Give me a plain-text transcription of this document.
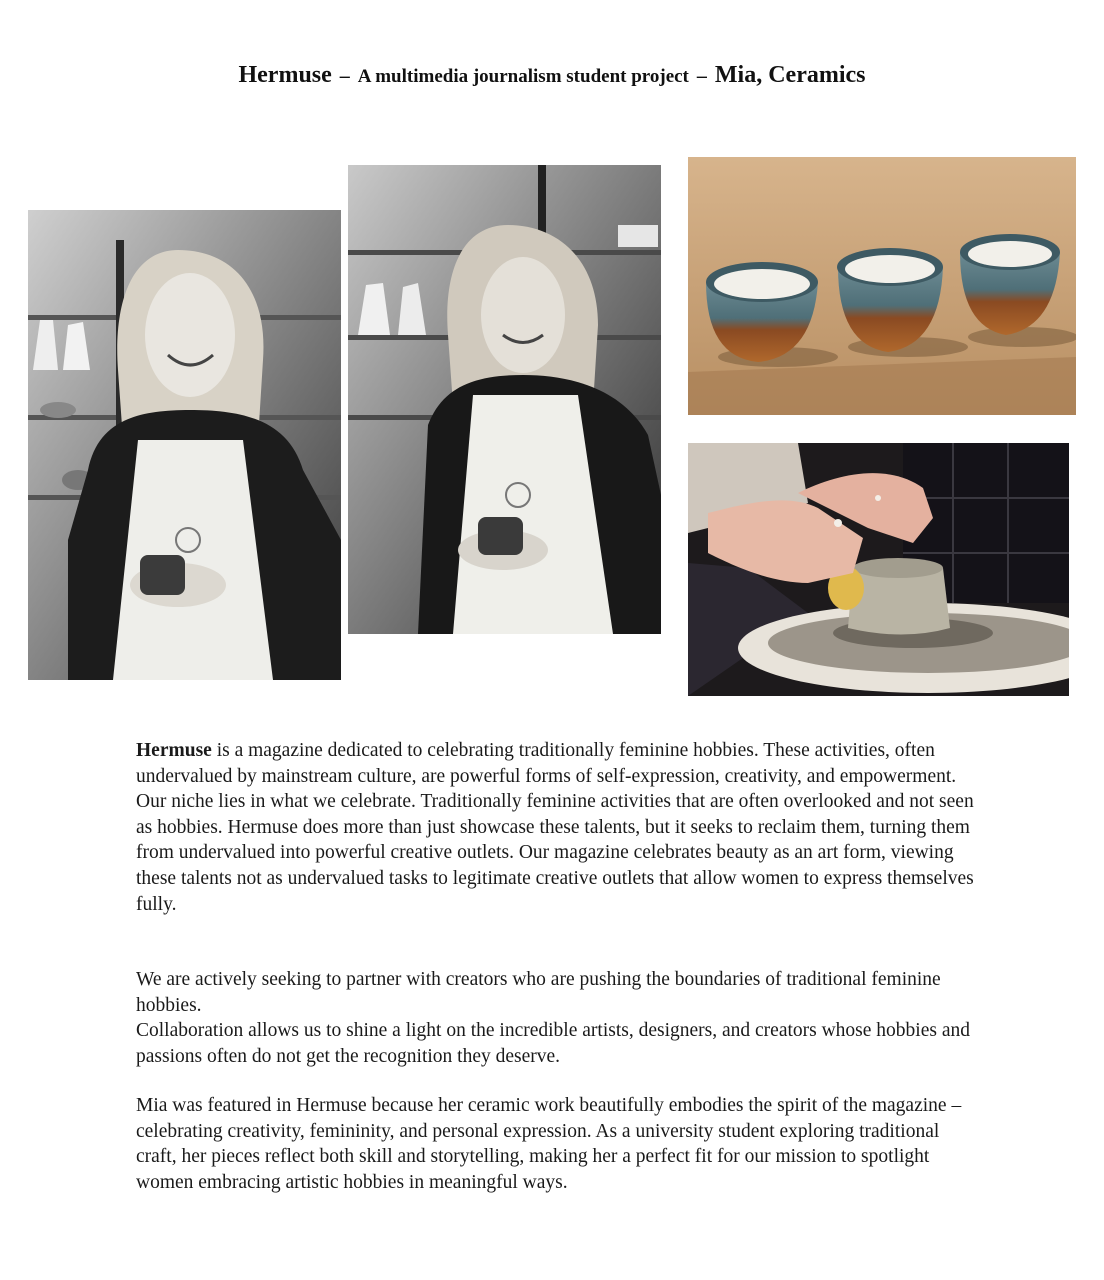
Hermuse – A multimedia journalism student project – Mia, Ceramics

Hermuse is a magazine dedicated to celebrating traditionally feminine hobbies. These activities, often undervalued by mainstream culture, are powerful forms of self-expression, creativity, and empowerment. Our niche lies in what we celebrate. Traditionally feminine activities that are often overlooked and not seen as hobbies. Hermuse does more than just showcase these talents, but it seeks to reclaim them, turning them from undervalued into powerful creative outlets. Our magazine celebrates beauty as an art form, viewing these talents not as undervalued tasks to legitimate creative outlets that allow women to express themselves fully.

We are actively seeking to partner with creators who are pushing the boundaries of traditional feminine hobbies.

Collaboration allows us to shine a light on the incredible artists, designers, and creators whose hobbies and passions often do not get the recognition they deserve.

Mia was featured in Hermuse because her ceramic work beautifully embodies the spirit of the magazine – celebrating creativity, femininity, and personal expression. As a university student exploring traditional craft, her pieces reflect both skill and storytelling, making her a perfect fit for our mission to spotlight women embracing artistic hobbies in meaningful ways.
